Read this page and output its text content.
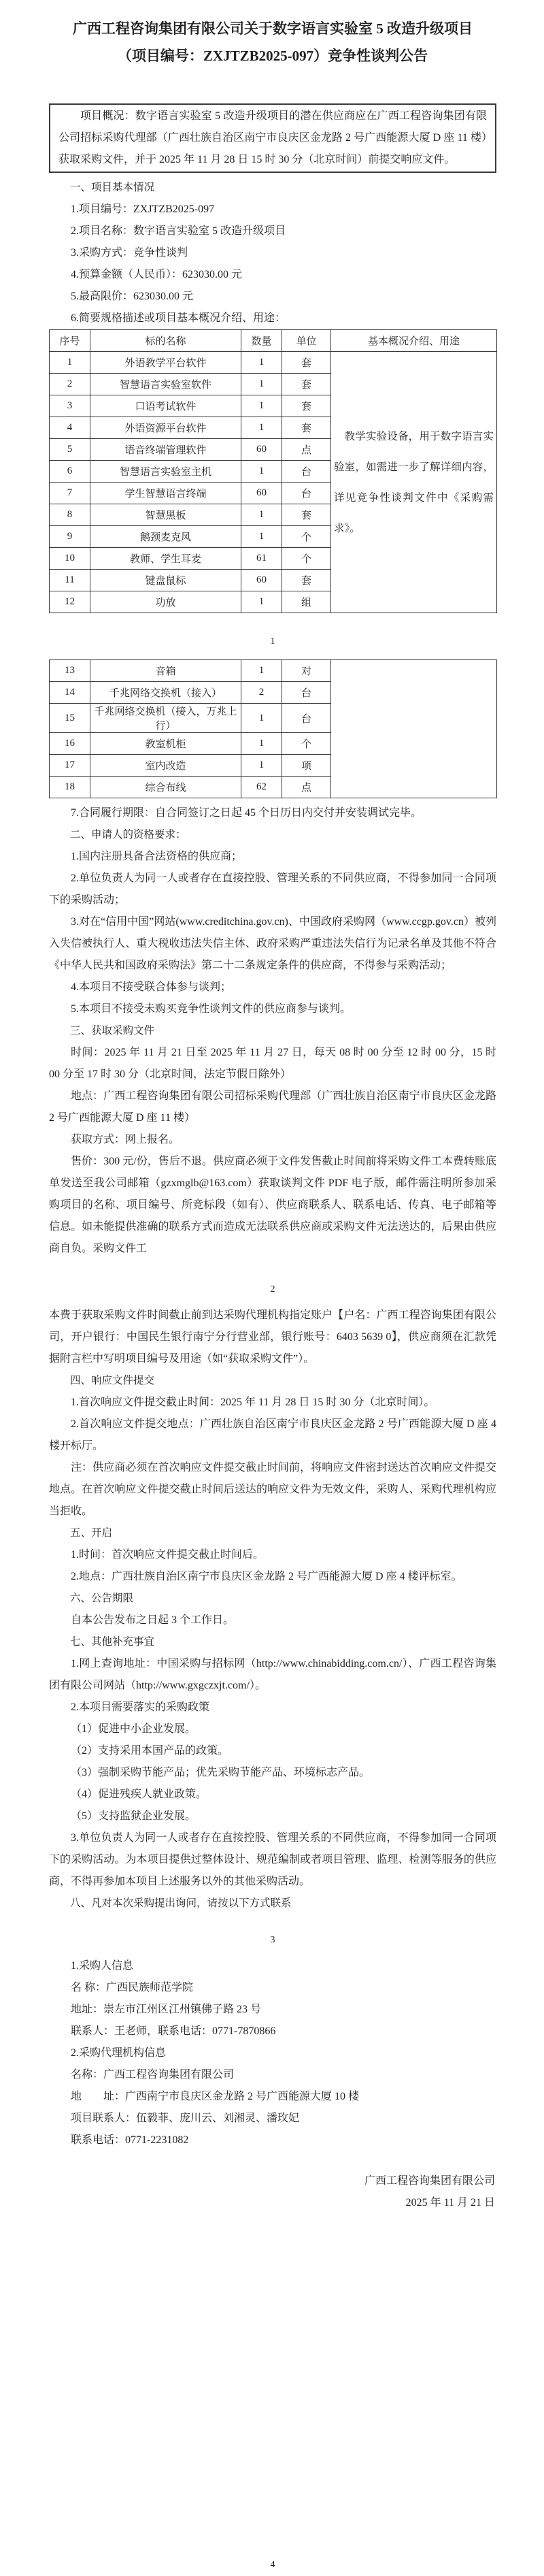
广西工程咨询集团有限公司关于数字语言实验室 5 改造升级项目

（项目编号：ZXJTZB2025-097）竞争性谈判公告

项目概况：数字语言实验室 5 改造升级项目的潜在供应商应在广西工程咨询集团有限公司招标采购代理部（广西壮族自治区南宁市良庆区金龙路 2 号广西能源大厦 D 座 11 楼）获取采购文件，并于 2025 年 11 月 28 日 15 时 30 分（北京时间）前提交响应文件。

一、项目基本情况

1.项目编号：ZXJTZB2025-097

2.项目名称：数字语言实验室 5 改造升级项目

3.采购方式：竞争性谈判

4.预算金额（人民币）：623030.00 元

5.最高限价：623030.00 元

6.简要规格描述或项目基本概况介绍、用途：

序号	标的名称	数量	单位	基本概况介绍、用途
1	外语教学平台软件	1	套	教学实验设备，用于数字语言实验室，如需进一步了解详细内容，详见竞争性谈判文件中《采购需求》。

2	智慧语言实验室软件	1	套	
3	口语考试软件	1	套	
4	外语资源平台软件	1	套	
5	语音终端管理软件	60	点	
6	智慧语言实验室主机	1	台	
7	学生智慧语言终端	60	台	
8	智慧黑板	1	套	
9	鹅颈麦克风	1	个	
10	教师、学生耳麦	61	个	
11	键盘鼠标	60	套	
12	功放	1	组	

1

13	音箱	1	对	
14	千兆网络交换机（接入）	2	台	
15	千兆网络交换机（接入，万兆上行）	1	台	
16	教室机柜	1	个	
17	室内改造	1	项	
18	综合布线	62	点	

7.合同履行期限：自合同签订之日起 45 个日历日内交付并安装调试完毕。

二、申请人的资格要求：

1.国内注册具备合法资格的供应商；

2.单位负责人为同一人或者存在直接控股、管理关系的不同供应商，不得参加同一合同项下的采购活动；

3.对在“信用中国”网站(www.creditchina.gov.cn)、中国政府采购网（www.ccgp.gov.cn）被列入失信被执行人、重大税收违法失信主体、政府采购严重违法失信行为记录名单及其他不符合《中华人民共和国政府采购法》第二十二条规定条件的供应商，不得参与采购活动；

4.本项目不接受联合体参与谈判；

5.本项目不接受未购买竞争性谈判文件的供应商参与谈判。

三、获取采购文件

时间：2025 年 11 月 21 日至 2025 年 11 月 27 日，每天 08 时 00 分至 12 时 00 分，15 时 00 分至 17 时 30 分（北京时间，法定节假日除外）

地点：广西工程咨询集团有限公司招标采购代理部（广西壮族自治区南宁市良庆区金龙路 2 号广西能源大厦 D 座 11 楼）

获取方式：网上报名。

售价：300 元/份，售后不退。供应商必须于文件发售截止时间前将采购文件工本费转账底单发送至我公司邮箱（gzxmglb@163.com）获取谈判文件 PDF 电子版，邮件需注明所参加采购项目的名称、项目编号、所竞标段（如有）、供应商联系人、联系电话、传真、电子邮箱等信息。如未能提供准确的联系方式而造成无法联系供应商或采购文件无法送达的，后果由供应商自负。采购文件工

2

本费于获取采购文件时间截止前到达采购代理机构指定账户【户名：广西工程咨询集团有限公司，开户银行：中国民生银行南宁分行营业部，银行账号：6403 5639 0】，供应商须在汇款凭据附言栏中写明项目编号及用途（如“获取采购文件”）。

四、响应文件提交

1.首次响应文件提交截止时间：2025 年 11 月 28 日 15 时 30 分（北京时间）。

2.首次响应文件提交地点：广西壮族自治区南宁市良庆区金龙路 2 号广西能源大厦 D 座 4 楼开标厅。

注：供应商必须在首次响应文件提交截止时间前，将响应文件密封送达首次响应文件提交地点。在首次响应文件提交截止时间后送达的响应文件为无效文件，采购人、采购代理机构应当拒收。

五、开启

1.时间：首次响应文件提交截止时间后。

2.地点：广西壮族自治区南宁市良庆区金龙路 2 号广西能源大厦 D 座 4 楼评标室。

六、公告期限

自本公告发布之日起 3 个工作日。

七、其他补充事宜

1.网上查询地址：中国采购与招标网（http://www.chinabidding.com.cn/）、广西工程咨询集团有限公司网站（http://www.gxgczxjt.com/）。

2.本项目需要落实的采购政策

（1）促进中小企业发展。

（2）支持采用本国产品的政策。

（3）强制采购节能产品；优先采购节能产品、环境标志产品。

（4）促进残疾人就业政策。

（5）支持监狱企业发展。

3.单位负责人为同一人或者存在直接控股、管理关系的不同供应商，不得参加同一合同项下的采购活动。为本项目提供过整体设计、规范编制或者项目管理、监理、检测等服务的供应商，不得再参加本项目上述服务以外的其他采购活动。

八、凡对本次采购提出询问，请按以下方式联系

3

1.采购人信息

名 称：广西民族师范学院

地址：崇左市江州区江州镇佛子路 23 号

联系人：王老师，联系电话：0771-7870866

2.采购代理机构信息

名称：广西工程咨询集团有限公司

地　　址：广西南宁市良庆区金龙路 2 号广西能源大厦 10 楼

项目联系人：伍毅菲、庞川云、刘湘灵、潘玫妃

联系电话：0771-2231082

广西工程咨询集团有限公司

2025 年 11 月 21 日

4
